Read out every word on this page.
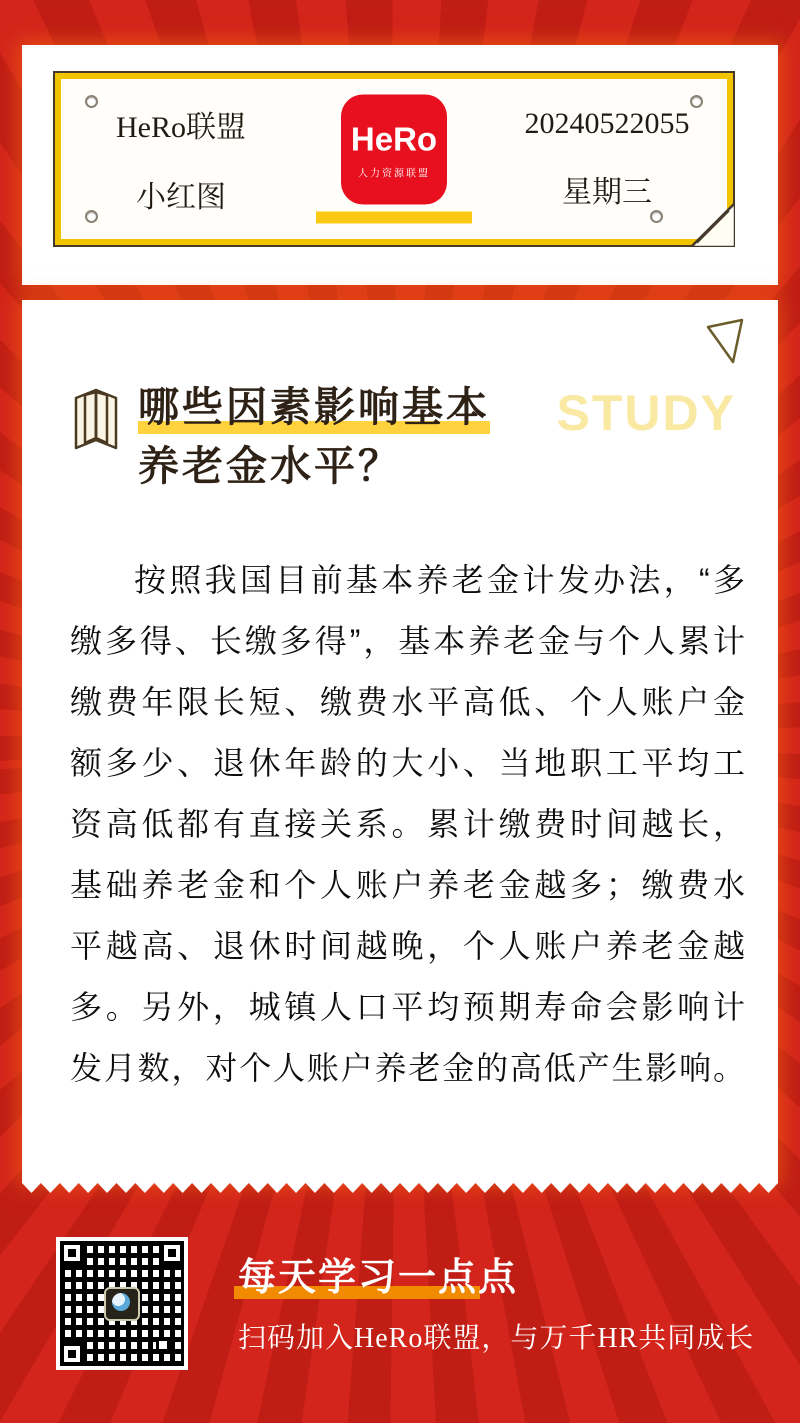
HeRo联盟
小红图
HeRo
人力资源联盟
20240522055
星期三
哪些因素影响基本
养老金水平？
STUDY
按照我国目前基本养老金计发办法，“多
缴多得、长缴多得”，基本养老金与个人累计
缴费年限长短、缴费水平高低、个人账户金
额多少、退休年龄的大小、当地职工平均工
资高低都有直接关系。累计缴费时间越长，
基础养老金和个人账户养老金越多；缴费水
平越高、退休时间越晚，个人账户养老金越
多。另外，城镇人口平均预期寿命会影响计
发月数，对个人账户养老金的高低产生影响。
每天学习一点点
扫码加入HeRo联盟，与万千HR共同成长
